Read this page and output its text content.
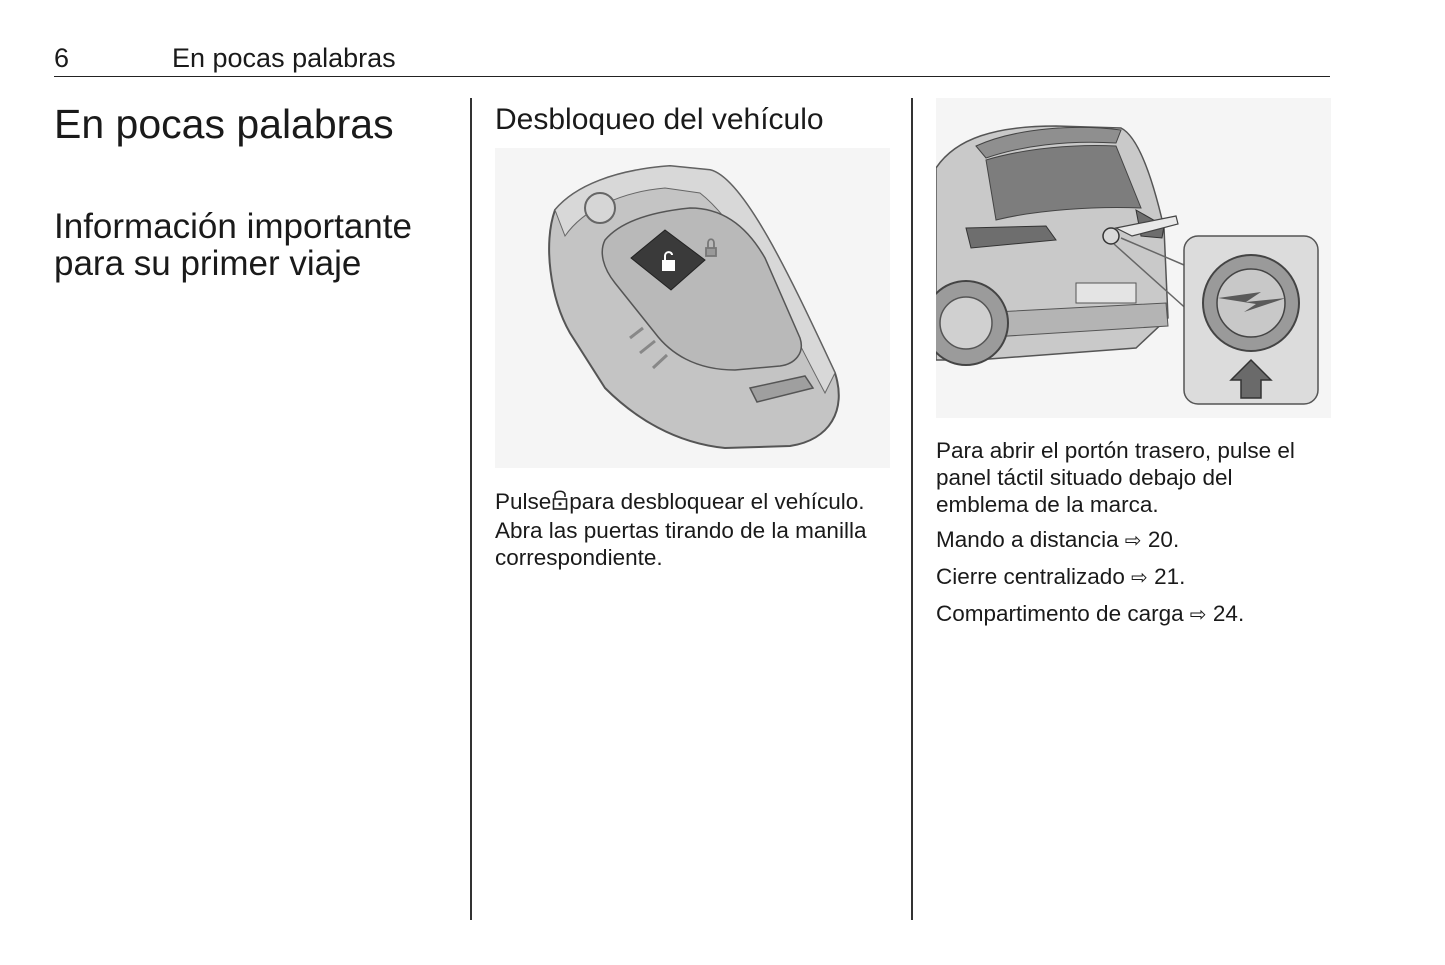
6	En pocas palabras
En pocas palabras
Información importante
para su primer viaje
Desbloqueo del vehículo

Pulse para desbloquear el vehículo.
Abra las puertas tirando de la manilla
correspondiente.

Para abrir el portón trasero, pulse el
panel táctil situado debajo del
emblema de la marca.

Mando a distancia ⇨ 20.

Cierre centralizado ⇨ 21.

Compartimento de carga ⇨ 24.
